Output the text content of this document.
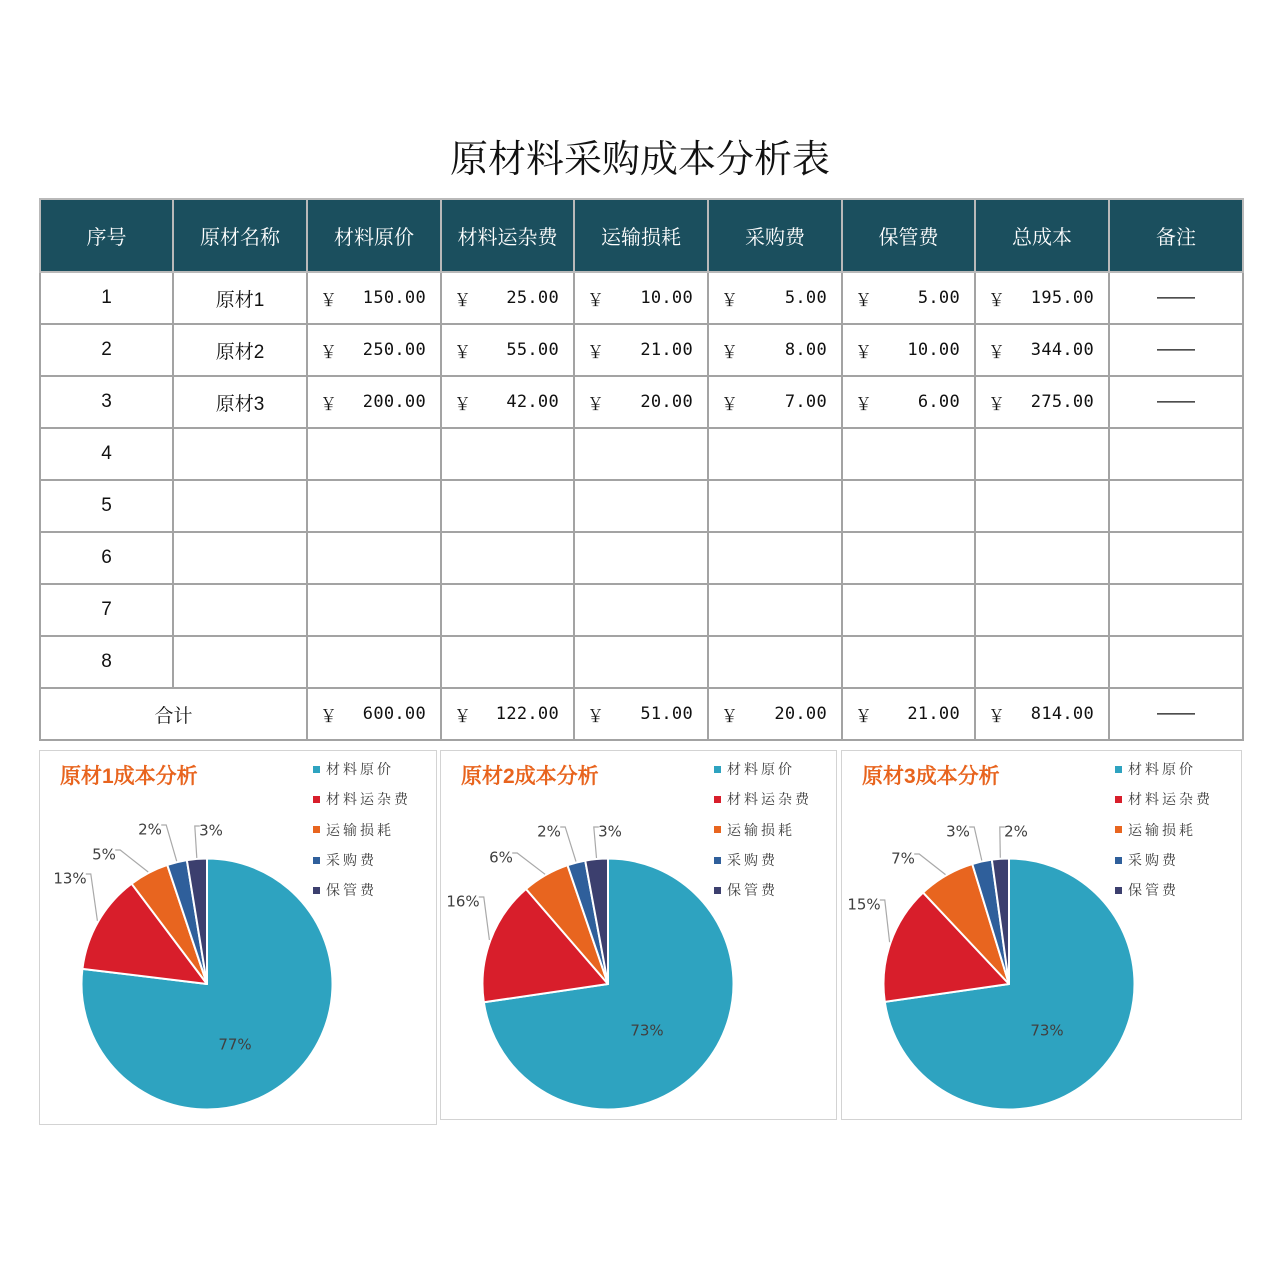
原材料采购成本分析表
序号	原材名称	材料原价	材料运杂费	运输损耗	采购费	保管费	总成本	备注
1	原材1	￥ 150.00	￥ 25.00	￥ 10.00	￥ 5.00	￥ 5.00	￥ 195.00	——
2	原材2	￥ 250.00	￥ 55.00	￥ 21.00	￥ 8.00	￥ 10.00	￥ 344.00	——
3	原材3	￥ 200.00	￥ 42.00	￥ 20.00	￥ 7.00	￥ 6.00	￥ 275.00	——
4								
5								
6								
7								
8								
合计		￥ 600.00	￥ 122.00	￥ 51.00	￥ 20.00	￥ 21.00	￥ 814.00	——
77%
13%
5%
2% 3%
原材1成本分析	材料原价
材料运杂费
运输损耗
采购费
保管费
73%
16%
6%
2% 3%
原材2成本分析	材料原价
材料运杂费
运输损耗
采购费
保管费
73%
15%
7%
3% 2%
原材3成本分析	材料原价
材料运杂费
运输损耗
采购费
保管费
